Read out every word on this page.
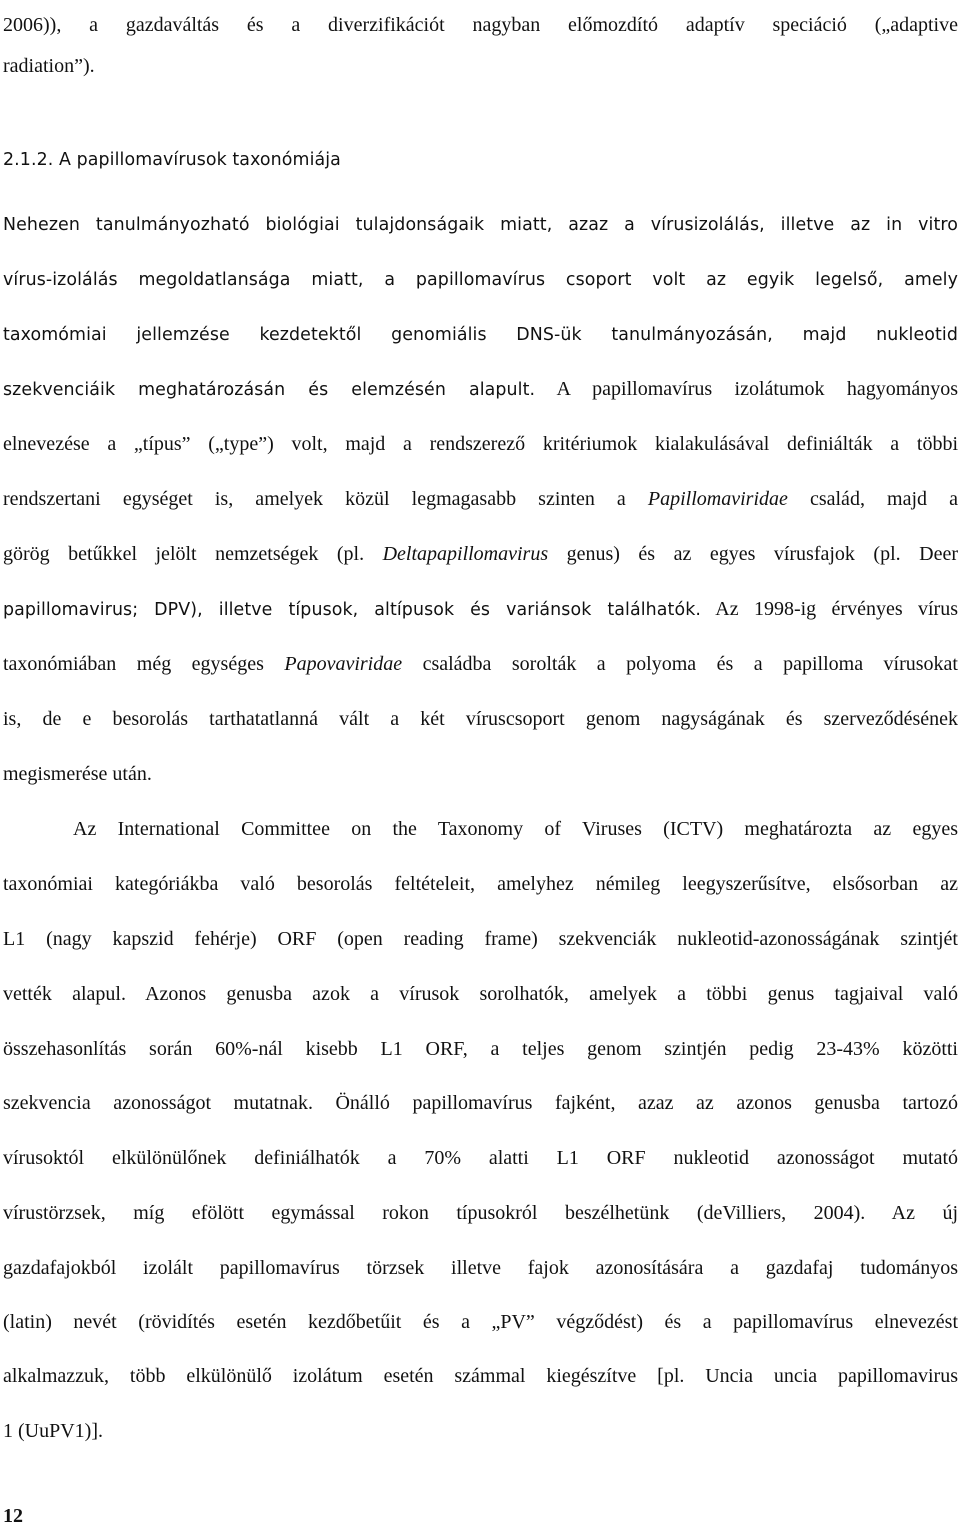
2006)), a gazdaváltás és a diverzifikációt nagyban előmozdító adaptív speciáció („adaptive
radiation”).
2.1.2. A papillomavírusok taxonómiája
Nehezen tanulmányozható biológiai tulajdonságaik miatt, azaz a vírusizolálás, illetve az in vitro
vírus-izolálás megoldatlansága miatt, a papillomavírus csoport volt az egyik legelső, amely
taxomómiai jellemzése kezdetektől genomiális DNS-ük tanulmányozásán, majd nukleotid
szekvenciáik meghatározásán és elemzésén alapult. A papillomavírus izolátumok hagyományos
elnevezése a „típus” („type”) volt, majd a rendszerező kritériumok kialakulásával definiálták a többi
rendszertani egységet is, amelyek közül legmagasabb szinten a Papillomaviridae család, majd a
görög betűkkel jelölt nemzetségek (pl. Deltapapillomavirus genus) és az egyes vírusfajok (pl. Deer
papillomavirus; DPV), illetve típusok, altípusok és variánsok találhatók. Az 1998-ig érvényes vírus
taxonómiában még egységes Papovaviridae családba sorolták a polyoma és a papilloma vírusokat
is, de e besorolás tarthatatlanná vált a két víruscsoport genom nagyságának és szerveződésének
megismerése után.
Az International Committee on the Taxonomy of Viruses (ICTV) meghatározta az egyes
taxonómiai kategóriákba való besorolás feltételeit, amelyhez némileg leegyszerűsítve, elsősorban az
L1 (nagy kapszid fehérje) ORF (open reading frame) szekvenciák nukleotid-azonosságának szintjét
vették alapul. Azonos genusba azok a vírusok sorolhatók, amelyek a többi genus tagjaival való
összehasonlítás során 60%-nál kisebb L1 ORF, a teljes genom szintjén pedig 23-43% közötti
szekvencia azonosságot mutatnak. Önálló papillomavírus fajként, azaz az azonos genusba tartozó
vírusoktól elkülönülőnek definiálhatók a 70% alatti L1 ORF nukleotid azonosságot mutató
vírustörzsek, míg efölött egymással rokon típusokról beszélhetünk (deVilliers, 2004). Az új
gazdafajokból izolált papillomavírus törzsek illetve fajok azonosítására a gazdafaj tudományos
(latin) nevét (rövidítés esetén kezdőbetűit és a „PV” végződést) és a papillomavírus elnevezést
alkalmazzuk, több elkülönülő izolátum esetén számmal kiegészítve [pl. Uncia uncia papillomavirus
1 (UuPV1)].
12
